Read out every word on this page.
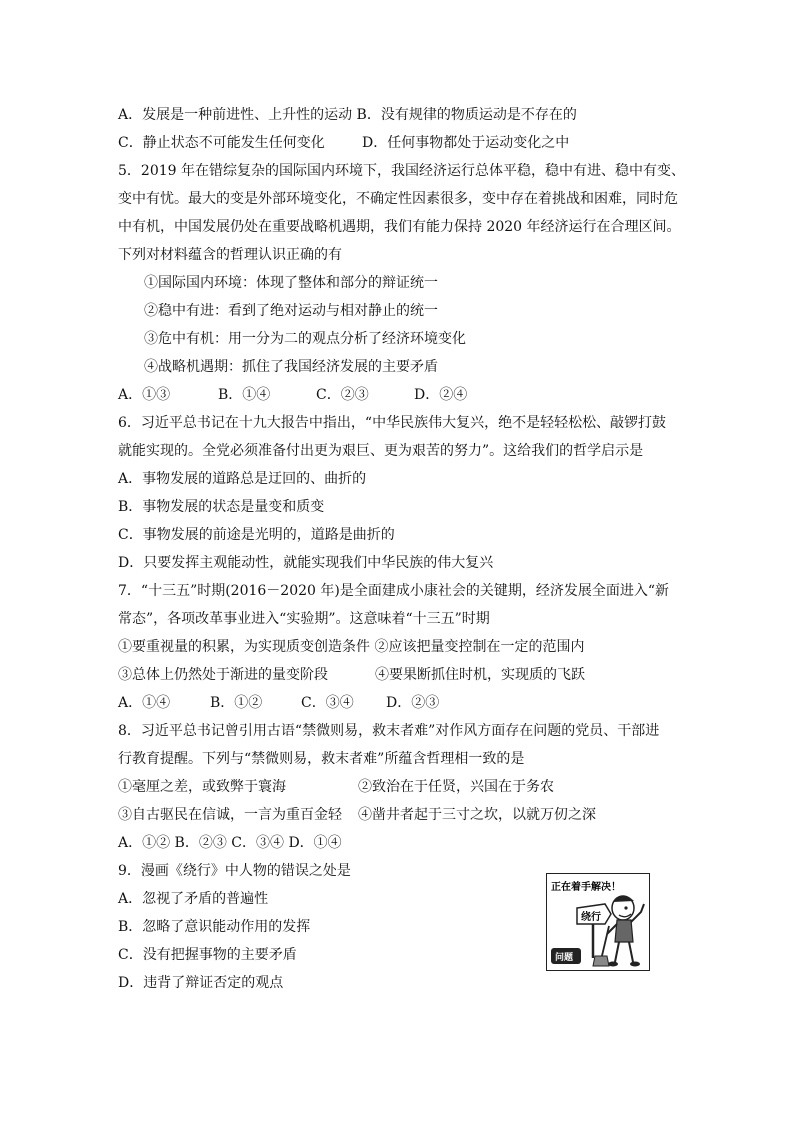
A．发展是一种前进性、上升性的运动 B．没有规律的物质运动是不存在的
C．静止状态不可能发生任何变化	D．任何事物都处于运动变化之中
5．2019 年在错综复杂的国际国内环境下，我国经济运行总体平稳，稳中有进、稳中有变、
变中有忧。最大的变是外部环境变化，不确定性因素很多，变中存在着挑战和困难，同时危
中有机，中国发展仍处在重要战略机遇期，我们有能力保持 2020 年经济运行在合理区间。
下列对材料蕴含的哲理认识正确的有
①国际国内环境：体现了整体和部分的辩证统一
②稳中有进：看到了绝对运动与相对静止的统一
③危中有机：用一分为二的观点分析了经济环境变化
④战略机遇期：抓住了我国经济发展的主要矛盾
A．①③	B．①④	C．②③	D．②④
6．习近平总书记在十九大报告中指出，“中华民族伟大复兴，绝不是轻轻松松、敲锣打鼓
就能实现的。全党必须准备付出更为艰巨、更为艰苦的努力”。这给我们的哲学启示是
A．事物发展的道路总是迂回的、曲折的
B．事物发展的状态是量变和质变
C．事物发展的前途是光明的，道路是曲折的
D．只要发挥主观能动性，就能实现我们中华民族的伟大复兴
7．“十三五”时期(2016－2020 年)是全面建成小康社会的关键期，经济发展全面进入“新
常态”，各项改革事业进入“实验期”。这意味着“十三五”时期
①要重视量的积累，为实现质变创造条件 ②应该把量变控制在一定的范围内
③总体上仍然处于渐进的量变阶段	④要果断抓住时机，实现质的飞跃
A．①④	B．①②	C．③④ D．②③
8．习近平总书记曾引用古语“禁微则易，救末者难”对作风方面存在问题的党员、干部进
行教育提醒。下列与“禁微则易，救末者难”所蕴含哲理相一致的是
①毫厘之差，或致弊于寰海	②致治在于任贤，兴国在于务农
③自古驱民在信诚，一言为重百金轻 ④凿井者起于三寸之坎，以就万仞之深
A．①② B．②③ C．③④ D．①④
9．漫画《绕行》中人物的错误之处是
A．忽视了矛盾的普遍性
B．忽略了意识能动作用的发挥
C．没有把握事物的主要矛盾
D．违背了辩证否定的观点
正在着手解决！
绕行
问题
